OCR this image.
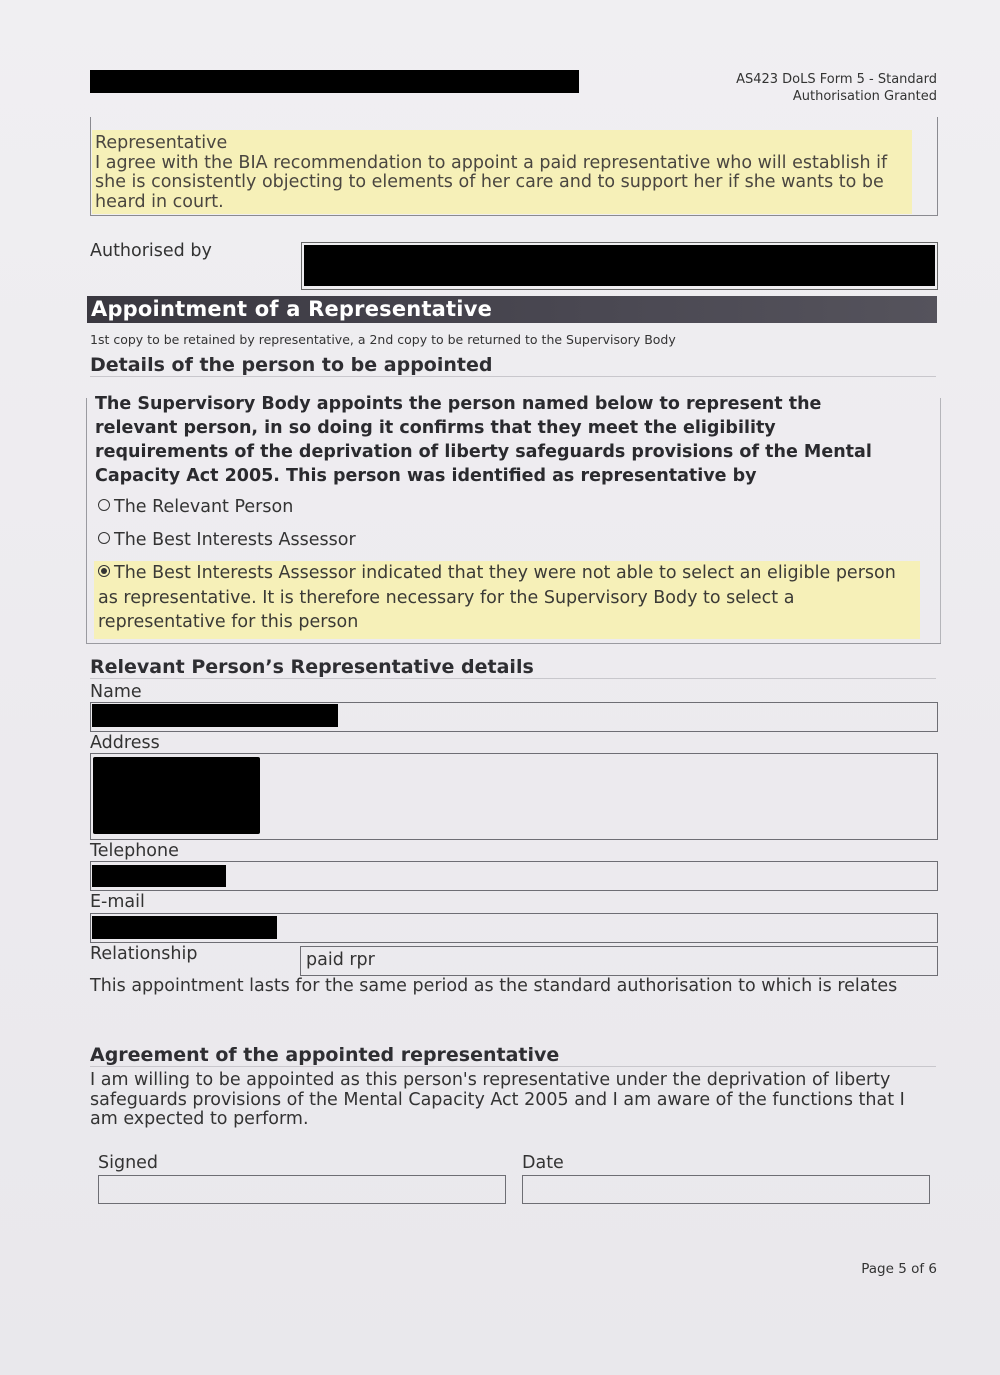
AS423 DoLS Form 5 - Standard
Authorisation Granted
Representative
I agree with the BIA recommendation to appoint a paid representative who will establish if she is consistently objecting to elements of her care and to support her if she wants to be heard in court.
Authorised by
Appointment of a Representative
1st copy to be retained by representative, a 2nd copy to be returned to the Supervisory Body
Details of the person to be appointed
The Supervisory Body appoints the person named below to represent the relevant person, in so doing it confirms that they meet the eligibility requirements of the deprivation of liberty safeguards provisions of the Mental Capacity Act 2005. This person was identified as representative by
The Relevant Person
The Best Interests Assessor
The Best Interests Assessor indicated that they were not able to select an eligible person as representative. It is therefore necessary for the Supervisory Body to select a representative for this person
Relevant Person’s Representative details
Name
Address
Telephone
E-mail
Relationship	paid rpr
This appointment lasts for the same period as the standard authorisation to which is relates
Agreement of the appointed representative
I am willing to be appointed as this person's representative under the deprivation of liberty safeguards provisions of the Mental Capacity Act 2005 and I am aware of the functions that I am expected to perform.
Signed	Date
Page 5 of 6
